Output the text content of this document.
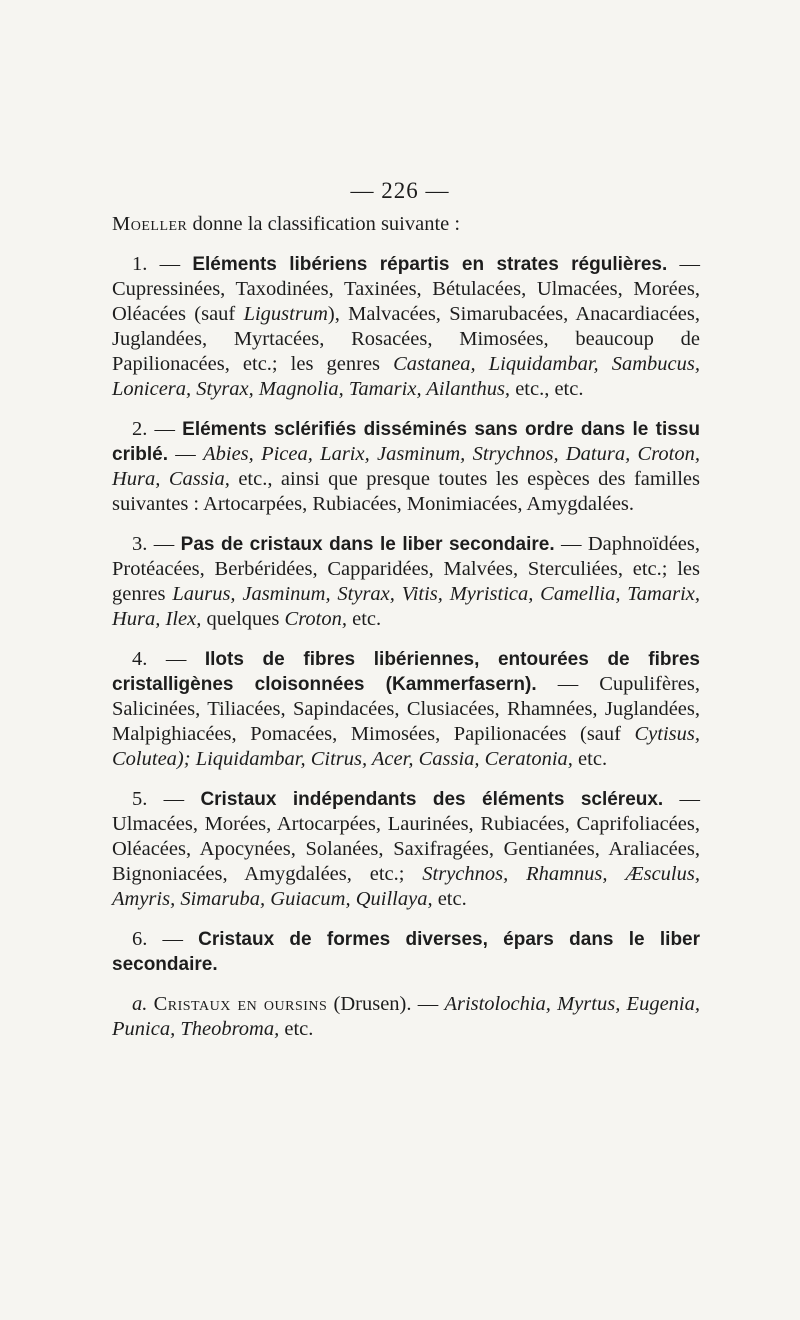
— 226 —

Moeller donne la classification suivante :

1. — Eléments libériens répartis en strates régulières. — Cupressinées, Taxodinées, Taxinées, Bétulacées, Ulmacées, Morées, Oléacées (sauf Ligustrum), Malvacées, Simarubacées, Anacardiacées, Juglandées, Myrtacées, Rosacées, Mimosées, beaucoup de Papilionacées, etc.; les genres Castanea, Liquidambar, Sambucus, Lonicera, Styrax, Magnolia, Tamarix, Ailanthus, etc., etc.

2. — Eléments sclérifiés disséminés sans ordre dans le tissu criblé. — Abies, Picea, Larix, Jasminum, Strychnos, Datura, Croton, Hura, Cassia, etc., ainsi que presque toutes les espèces des familles suivantes : Artocarpées, Rubiacées, Monimiacées, Amygdalées.

3. — Pas de cristaux dans le liber secondaire. — Daphnoïdées, Protéacées, Berbéridées, Capparidées, Malvées, Sterculiées, etc.; les genres Laurus, Jasminum, Styrax, Vitis, Myristica, Camellia, Tamarix, Hura, Ilex, quelques Croton, etc.

4. — Ilots de fibres libériennes, entourées de fibres cristalligènes cloisonnées (Kammerfasern). — Cupulifères, Salicinées, Tiliacées, Sapindacées, Clusiacées, Rhamnées, Juglandées, Malpighiacées, Pomacées, Mimosées, Papilionacées (sauf Cytisus, Colutea); Liquidambar, Citrus, Acer, Cassia, Ceratonia, etc.

5. — Cristaux indépendants des éléments scléreux. — Ulmacées, Morées, Artocarpées, Laurinées, Rubiacées, Caprifoliacées, Oléacées, Apocynées, Solanées, Saxifragées, Gentianées, Araliacées, Bignoniacées, Amygdalées, etc.; Strychnos, Rhamnus, Æsculus, Amyris, Simaruba, Guiacum, Quillaya, etc.

6. — Cristaux de formes diverses, épars dans le liber secondaire.

a. Cristaux en oursins (Drusen). — Aristolochia, Myrtus, Eugenia, Punica, Theobroma, etc.
